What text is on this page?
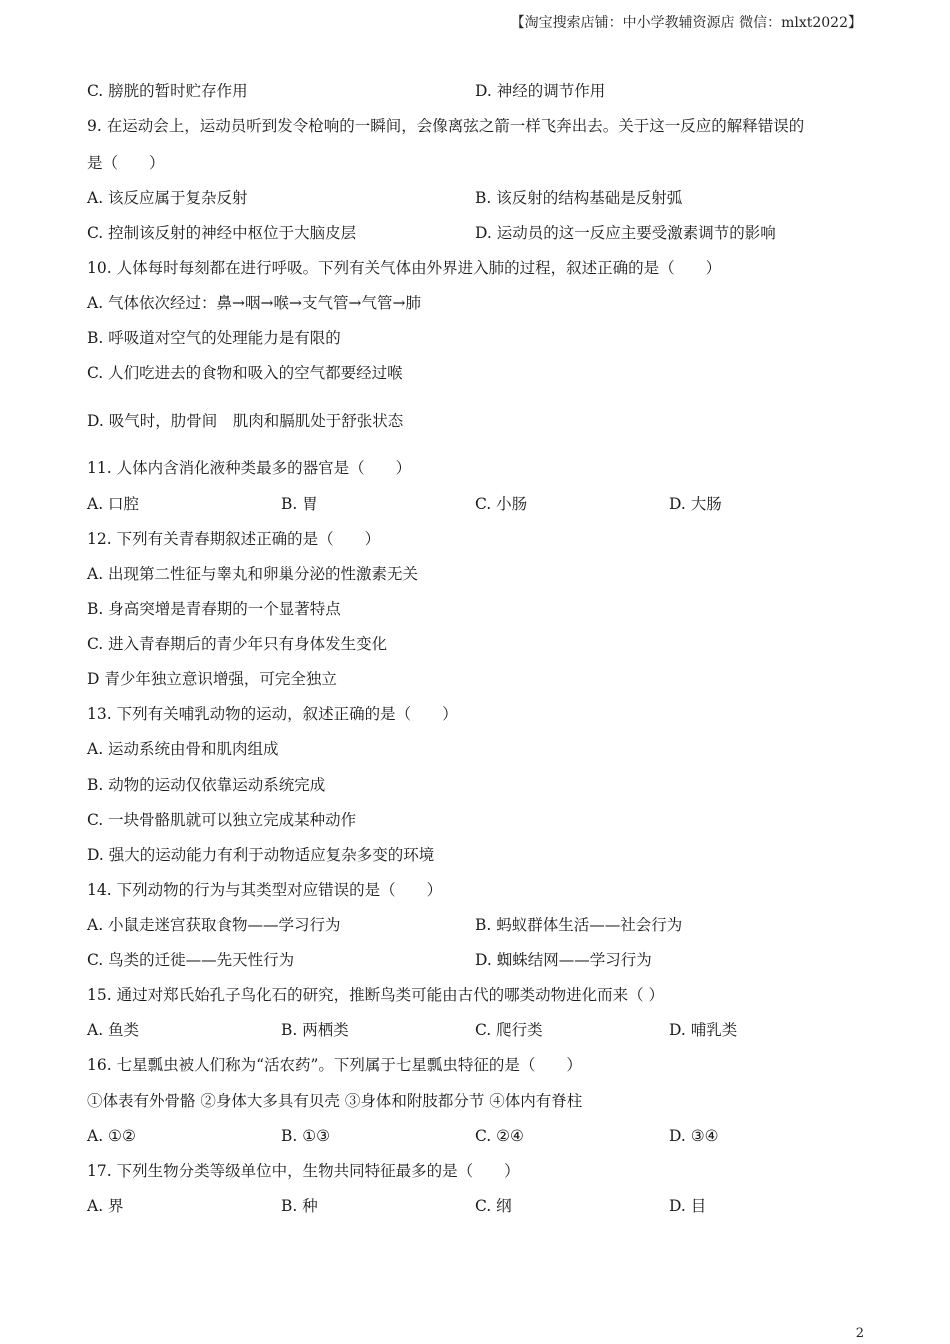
【淘宝搜索店铺：中小学教辅资源店 微信：mlxt2022】
C. 膀胱的暂时贮存作用	D. 神经的调节作用
9. 在运动会上，运动员听到发令枪响的一瞬间，会像离弦之箭一样飞奔出去。关于这一反应的解释错误的
是（　　）
A. 该反应属于复杂反射	B. 该反射的结构基础是反射弧
C. 控制该反射的神经中枢位于大脑皮层	D. 运动员的这一反应主要受激素调节的影响
10. 人体每时每刻都在进行呼吸。下列有关气体由外界进入肺的过程，叙述正确的是（　　）
A. 气体依次经过：鼻→咽→喉→支气管→气管→肺
B. 呼吸道对空气的处理能力是有限的
C. 人们吃进去的食物和吸入的空气都要经过喉
D. 吸气时，肋骨间　肌肉和膈肌处于舒张状态
11. 人体内含消化液种类最多的器官是（　　）
A. 口腔	B. 胃	C. 小肠	D. 大肠
12. 下列有关青春期叙述正确的是（　　）
A. 出现第二性征与睾丸和卵巢分泌的性激素无关
B. 身高突增是青春期的一个显著特点
C. 进入青春期后的青少年只有身体发生变化
D 青少年独立意识增强，可完全独立
13. 下列有关哺乳动物的运动，叙述正确的是（　　）
A. 运动系统由骨和肌肉组成
B. 动物的运动仅依靠运动系统完成
C. 一块骨骼肌就可以独立完成某种动作
D. 强大的运动能力有利于动物适应复杂多变的环境
14. 下列动物的行为与其类型对应错误的是（　　）
A. 小鼠走迷宫获取食物——学习行为	B. 蚂蚁群体生活——社会行为
C. 鸟类的迁徙——先天性行为	D. 蜘蛛结网——学习行为
15. 通过对郑氏始孔子鸟化石的研究，推断鸟类可能由古代的哪类动物进化而来（ ）
A. 鱼类	B. 两栖类	C. 爬行类	D. 哺乳类
16. 七星瓢虫被人们称为“活农药”。下列属于七星瓢虫特征的是（　　）
①体表有外骨骼 ②身体大多具有贝壳 ③身体和附肢都分节 ④体内有脊柱
A. ①②	B. ①③	C. ②④	D. ③④
17. 下列生物分类等级单位中，生物共同特征最多的是（　　）
A. 界	B. 种	C. 纲	D. 目
2
